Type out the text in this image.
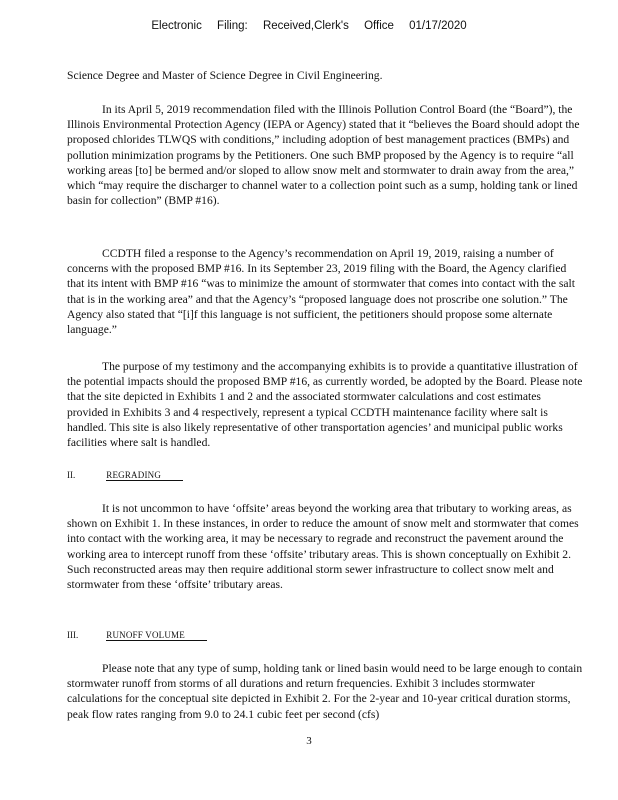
Electronic Filing: Received,Clerk's Office 01/17/2020

Science Degree and Master of Science Degree in Civil Engineering.

In its April 5, 2019 recommendation filed with the Illinois Pollution Control Board (the “Board”), the Illinois Environmental Protection Agency (IEPA or Agency) stated that it “believes the Board should adopt the proposed chlorides TLWQS with conditions,” including adoption of best management practices (BMPs) and pollution minimization programs by the Petitioners. One such BMP proposed by the Agency is to require “all working areas [to] be bermed and/or sloped to allow snow melt and stormwater to drain away from the area,” which “may require the discharger to channel water to a collection point such as a sump, holding tank or lined basin for collection” (BMP #16).

CCDTH filed a response to the Agency’s recommendation on April 19, 2019, raising a number of concerns with the proposed BMP #16. In its September 23, 2019 filing with the Board, the Agency clarified that its intent with BMP #16 “was to minimize the amount of stormwater that comes into contact with the salt that is in the working area” and that the Agency’s “proposed language does not proscribe one solution.” The Agency also stated that “[i]f this language is not sufficient, the petitioners should propose some alternate language.”

The purpose of my testimony and the accompanying exhibits is to provide a quantitative illustration of the potential impacts should the proposed BMP #16, as currently worded, be adopted by the Board. Please note that the site depicted in Exhibits 1 and 2 and the associated stormwater calculations and cost estimates provided in Exhibits 3 and 4 respectively, represent a typical CCDTH maintenance facility where salt is handled. This site is also likely representative of other transportation agencies’ and municipal public works facilities where salt is handled.

II.	REGRADING

It is not uncommon to have ‘offsite’ areas beyond the working area that tributary to working areas, as shown on Exhibit 1. In these instances, in order to reduce the amount of snow melt and stormwater that comes into contact with the working area, it may be necessary to regrade and reconstruct the pavement around the working area to intercept runoff from these ‘offsite’ tributary areas. This is shown conceptually on Exhibit 2. Such reconstructed areas may then require additional storm sewer infrastructure to collect snow melt and stormwater from these ‘offsite’ tributary areas.

III.	RUNOFF VOLUME

Please note that any type of sump, holding tank or lined basin would need to be large enough to contain stormwater runoff from storms of all durations and return frequencies. Exhibit 3 includes stormwater calculations for the conceptual site depicted in Exhibit 2. For the 2-year and 10-year critical duration storms, peak flow rates ranging from 9.0 to 24.1 cubic feet per second (cfs)

3
